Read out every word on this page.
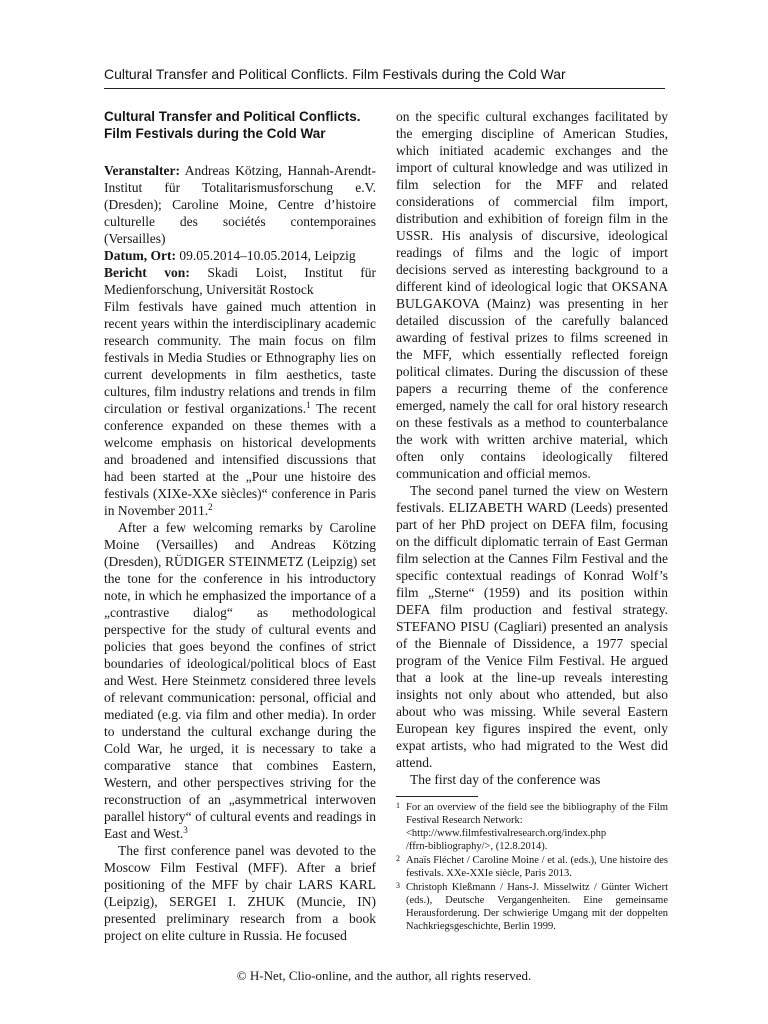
Cultural Transfer and Political Conflicts. Film Festivals during the Cold War
Cultural Transfer and Political Conflicts.
Film Festivals during the Cold War

Veranstalter: Andreas Kötzing, Hannah-Arendt-Institut für Totalitarismusforschung e.V. (Dresden); Caroline Moine, Centre d’histoire culturelle des sociétés contemporaines (Versailles)
Datum, Ort: 09.05.2014–10.05.2014, Leipzig
Bericht von: Skadi Loist, Institut für Medienforschung, Universität Rostock

Film festivals have gained much attention in recent years within the interdisciplinary academic research community. The main focus on film festivals in Media Studies or Ethnography lies on current developments in film aesthetics, taste cultures, film industry relations and trends in film circulation or festival organizations.$^1$ The recent conference expanded on these themes with a welcome emphasis on historical developments and broadened and intensified discussions that had been started at the „Pour une histoire des festivals (XIXe-XXe siècles)“ conference in Paris in November 2011.$^2$

After a few welcoming remarks by Caroline Moine (Versailles) and Andreas Kötzing (Dresden), RÜDIGER STEINMETZ (Leipzig) set the tone for the conference in his introductory note, in which he emphasized the importance of a „contrastive dialog“ as methodological perspective for the study of cultural events and policies that goes beyond the confines of strict boundaries of ideological/political blocs of East and West. Here Steinmetz considered three levels of relevant communication: personal, official and mediated (e.g. via film and other media). In order to understand the cultural exchange during the Cold War, he urged, it is necessary to take a comparative stance that combines Eastern, Western, and other perspectives striving for the reconstruction of an „asymmetrical interwoven parallel history“ of cultural events and readings in East and West.$^3$

The first conference panel was devoted to the Moscow Film Festival (MFF). After a brief positioning of the MFF by chair LARS KARL (Leipzig), SERGEI I. ZHUK (Muncie, IN) presented preliminary research from a book project on elite culture in Russia. He focused

on the specific cultural exchanges facilitated by the emerging discipline of American Studies, which initiated academic exchanges and the import of cultural knowledge and was utilized in film selection for the MFF and related considerations of commercial film import, distribution and exhibition of foreign film in the USSR. His analysis of discursive, ideological readings of films and the logic of import decisions served as interesting background to a different kind of ideological logic that OKSANA BULGAKOVA (Mainz) was presenting in her detailed discussion of the carefully balanced awarding of festival prizes to films screened in the MFF, which essentially reflected foreign political climates. During the discussion of these papers a recurring theme of the conference emerged, namely the call for oral history research on these festivals as a method to counterbalance the work with written archive material, which often only contains ideologically filtered communication and official memos.

The second panel turned the view on Western festivals. ELIZABETH WARD (Leeds) presented part of her PhD project on DEFA film, focusing on the difficult diplomatic terrain of East German film selection at the Cannes Film Festival and the specific contextual readings of Konrad Wolf’s film „Sterne“ (1959) and its position within DEFA film production and festival strategy. STEFANO PISU (Cagliari) presented an analysis of the Biennale of Dissidence, a 1977 special program of the Venice Film Festival. He argued that a look at the line-up reveals interesting insights not only about who attended, but also about who was missing. While several Eastern European key figures inspired the event, only expat artists, who had migrated to the West did attend.

The first day of the conference was

1 For an overview of the field see the bibliography of the Film Festival Research Network:
<http://www.filmfestivalresearch.org/index.php
/ffrn-bibliography/>, (12.8.2014).
2 Anaïs Fléchet / Caroline Moine / et al. (eds.), Une histoire des festivals. XXe-XXIe siècle, Paris 2013.
3 Christoph Kleßmann / Hans-J. Misselwitz / Günter Wichert (eds.), Deutsche Vergangenheiten. Eine gemeinsame Herausforderung. Der schwierige Umgang mit der doppelten Nachkriegsgeschichte, Berlin 1999.
© H-Net, Clio-online, and the author, all rights reserved.
